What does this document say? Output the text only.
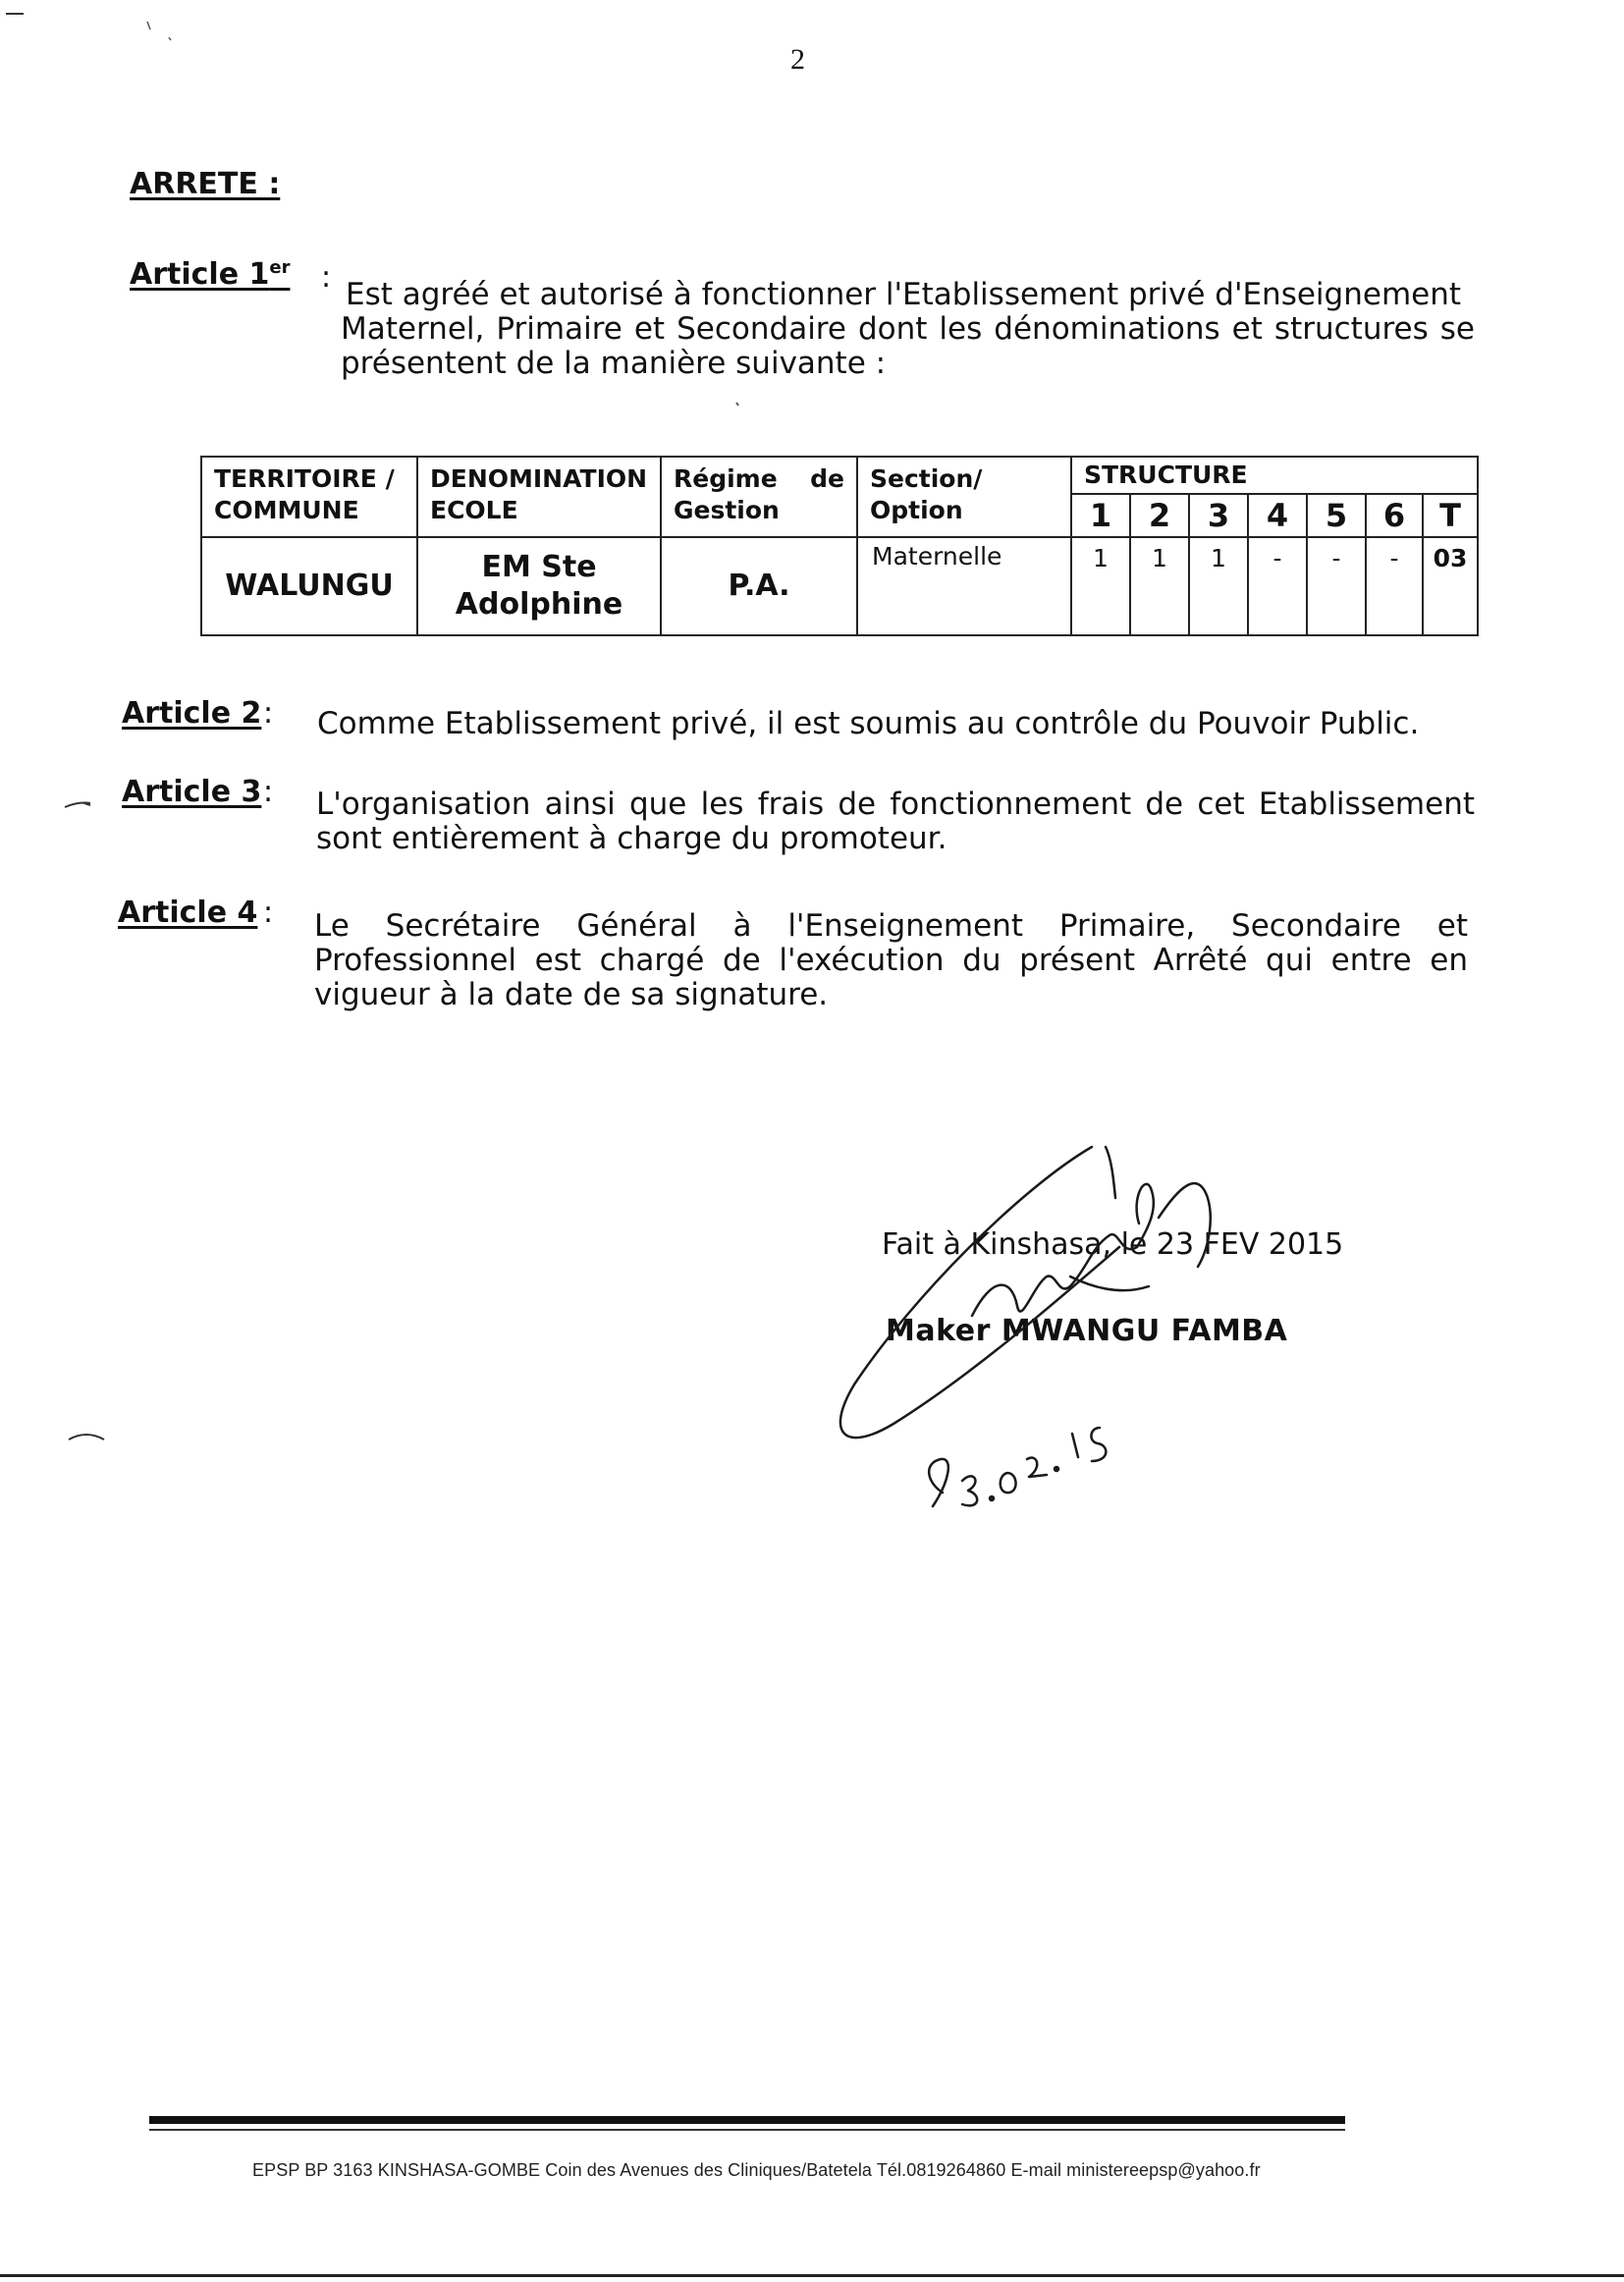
2
ARRETE :
Article 1er	: Est agréé et autorisé à fonctionner l'Etablissement privé d'Enseignement
Maternel, Primaire et Secondaire dont les dénominations et structures se présentent de la manière suivante :
TERRITOIRE / COMMUNE	DENOMINATION ECOLE	Régime de Gestion	Section/ Option	STRUCTURE						
				1	2	3	4	5	6	T
WALUNGU	EM Ste Adolphine	P.A.	Maternelle	1	1	1	-	-	-	03
Article 2 : Comme Etablissement privé, il est soumis au contrôle du Pouvoir Public.
Article 3 : L'organisation ainsi que les frais de fonctionnement de cet Etablissement sont entièrement à charge du promoteur.
Article 4 : Le Secrétaire Général à l'Enseignement Primaire, Secondaire et Professionnel est chargé de l'exécution du présent Arrêté qui entre en vigueur à la date de sa signature.
Fait à Kinshasa, le 23 FEV 2015
Maker MWANGU FAMBA
EPSP BP 3163 KINSHASA-GOMBE Coin des Avenues des Cliniques/Batetela Tél.0819264860 E-mail ministereepsp@yahoo.fr
